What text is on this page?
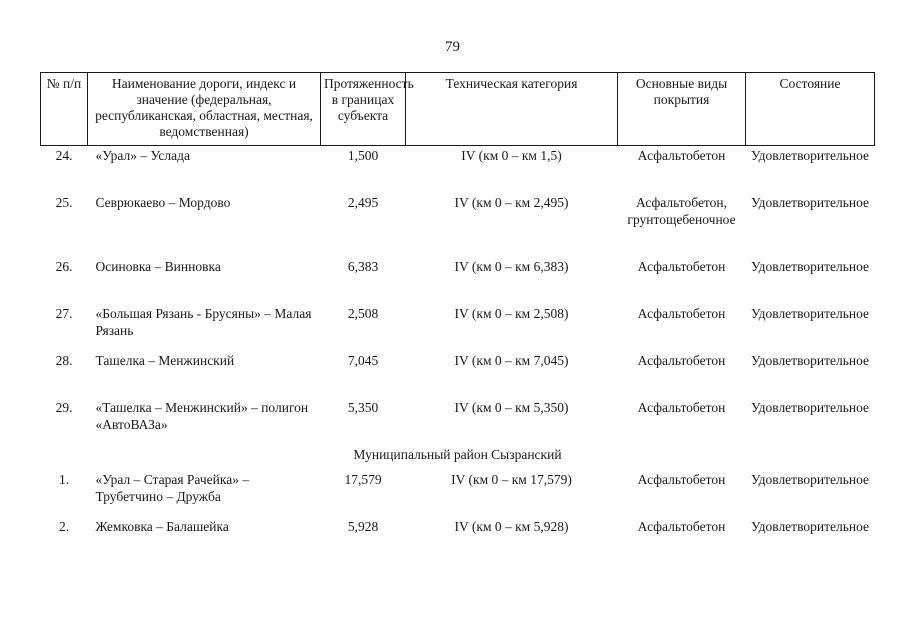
79
№ п/п	Наименование дороги, индекс и значение (федеральная, республиканская, областная, местная, ведомственная)	Протяженность в границах субъекта	Техническая категория	Основные виды покрытия	Состояние
24.	«Урал» – Услада	1,500	IV (км 0 – км 1,5)	Асфальтобетон	Удовлетворительное
25.	Севрюкаево – Мордово	2,495	IV (км 0 – км 2,495)	Асфальтобетон, грунтощебеночное	Удовлетворительное
26.	Осиновка – Винновка	6,383	IV (км 0 – км 6,383)	Асфальтобетон	Удовлетворительное
27.	«Большая Рязань - Брусяны» – Малая Рязань	2,508	IV (км 0 – км 2,508)	Асфальтобетон	Удовлетворительное
28.	Ташелка – Менжинский	7,045	IV (км 0 – км 7,045)	Асфальтобетон	Удовлетворительное
29.	«Ташелка – Менжинский» – полигон «АвтоВАЗа»	5,350	IV (км 0 – км 5,350)	Асфальтобетон	Удовлетворительное
Муниципальный район Сызранский					
1.	«Урал – Старая Рачейка» – Трубетчино – Дружба	17,579	IV (км 0 – км 17,579)	Асфальтобетон	Удовлетворительное
2.	Жемковка – Балашейка	5,928	IV (км 0 – км 5,928)	Асфальтобетон	Удовлетворительное
